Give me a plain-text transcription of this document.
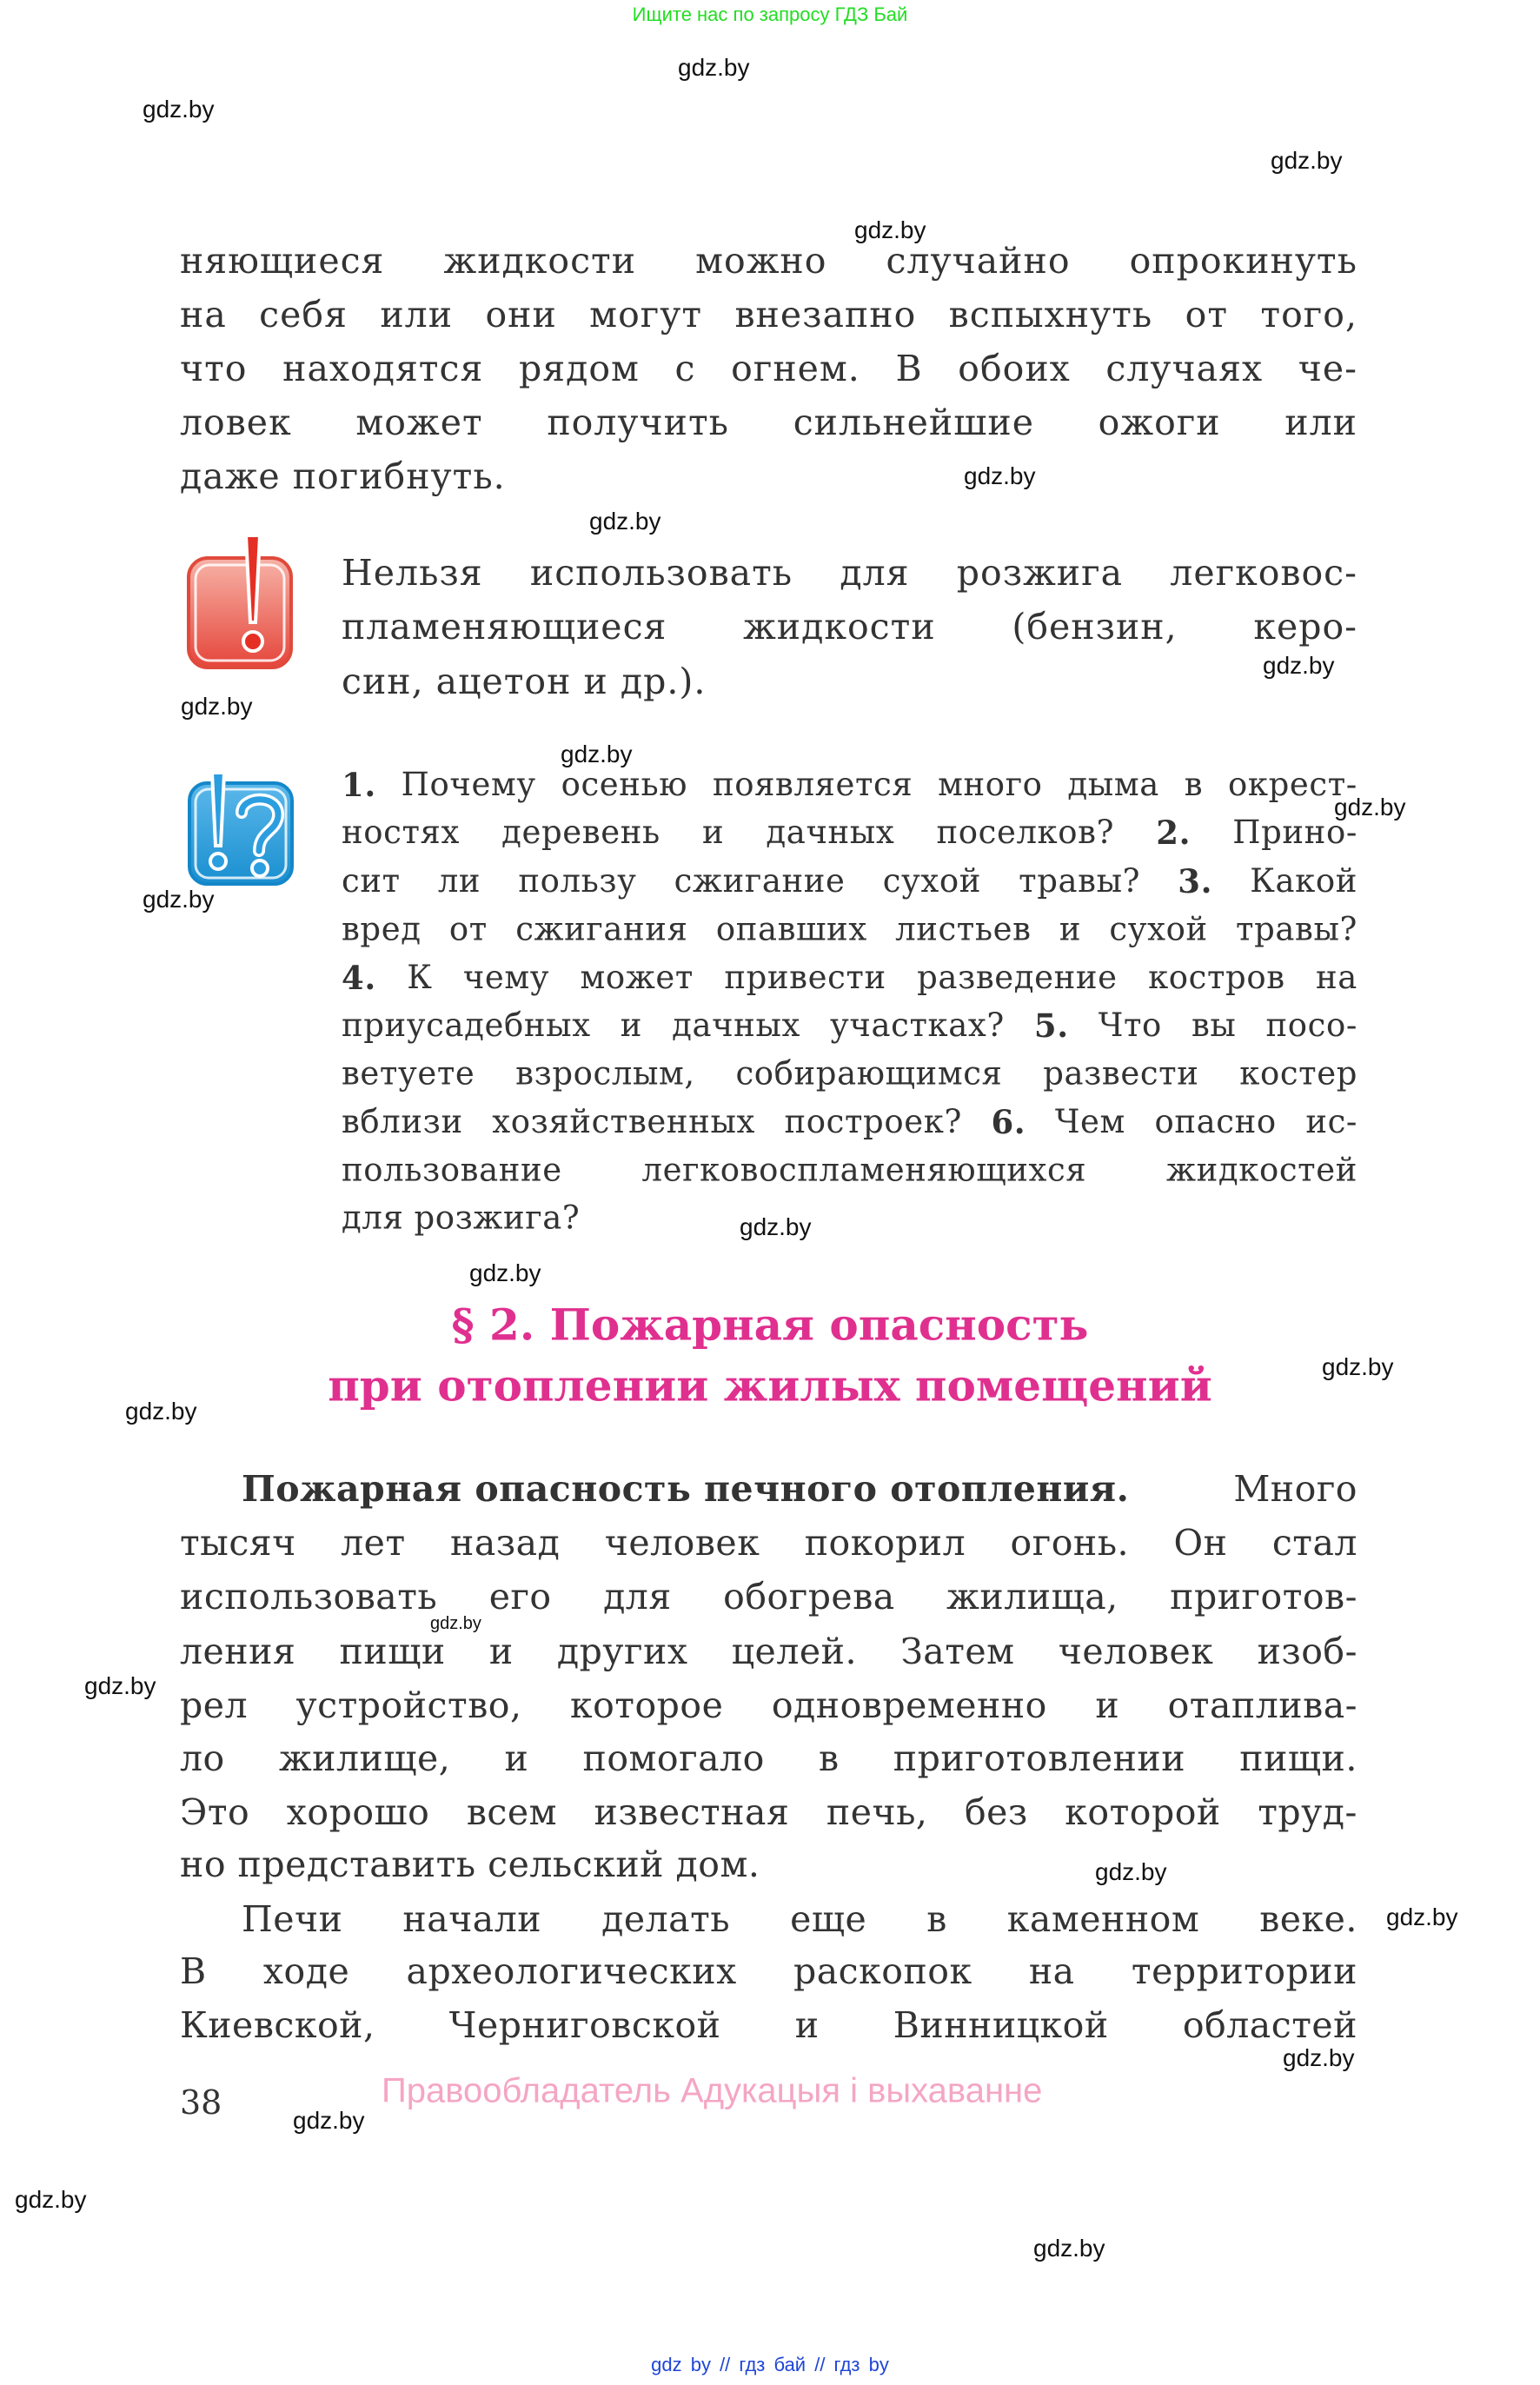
Ищите нас по запросу ГДЗ Бай
gdz.by
gdz.by
gdz.by
gdz.by
gdz.by
gdz.by
gdz.by
gdz.by
gdz.by
gdz.by
gdz.by
gdz.by
gdz.by
gdz.by
gdz.by
gdz.by
gdz.by
gdz.by
gdz.by
gdz.by
gdz.by
gdz.by
gdz.by
няющиеся жидкости можно случайно опрокинуть
на себя или они могут внезапно вспыхнуть от того,
что находятся рядом с огнем. В обоих случаях че-
ловек может получить сильнейшие ожоги или
даже погибнуть.
Нельзя использовать для розжига легковос-
пламеняющиеся жидкости (бензин, керо-
син, ацетон и др.).
1. Почему осенью появляется много дыма в окрест-
ностях деревень и дачных поселков? 2. Прино-
сит ли пользу сжигание сухой травы? 3. Какой
вред от сжигания опавших листьев и сухой травы?
4. К чему может привести разведение костров на
приусадебных и дачных участках? 5. Что вы посо-
ветуете взрослым, собирающимся развести костер
вблизи хозяйственных построек? 6. Чем опасно ис-
пользование легковоспламеняющихся жидкостей
для розжига?
§ 2. Пожарная опасность
при отоплении жилых помещений
Пожарная опасность печного отопления.	Много
тысяч лет назад человек покорил огонь. Он стал
использовать его для обогрева жилища, приготов-
ления пищи и других целей. Затем человек изоб-
рел устройство, которое одновременно и отаплива-
ло жилище, и помогало в приготовлении пищи.
Это хорошо всем известная печь, без которой труд-
но представить сельский дом.
Печи начали делать еще в каменном веке.
В ходе археологических раскопок на территории
Киевской, Черниговской и Винницкой областей
38	Правообладатель Адукацыя і выхаванне
gdz by // гдз бай // гдз by
